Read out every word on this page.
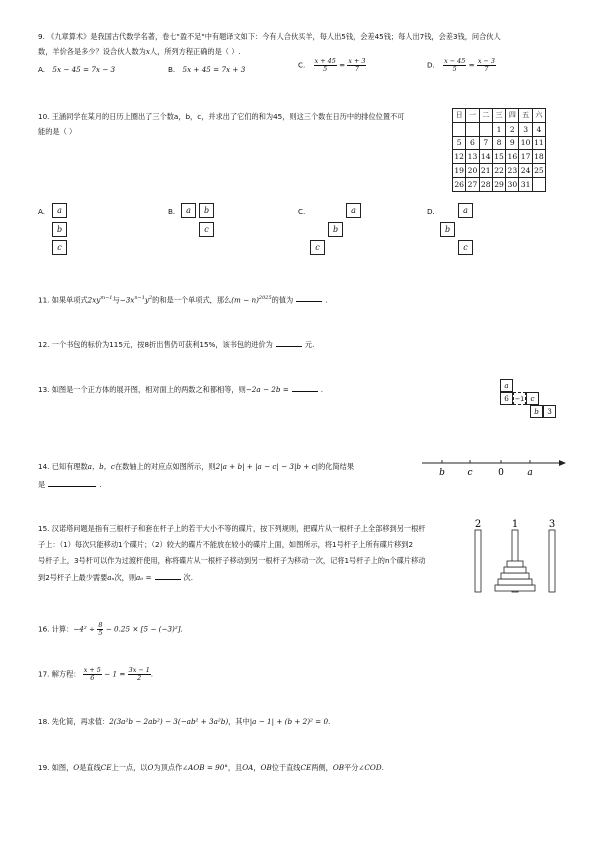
9. 《九章算术》是我国古代数学名著，卷七"盈不足"中有题译文如下：今有人合伙买羊，每人出5钱，会差45钱；每人出7钱，会差3钱，问合伙人
数，羊价各是多少？设合伙人数为x人，所列方程正确的是（ ）.
A. 5x − 45 = 7x − 3	B. 5x + 45 = 7x + 3	C. $\frac{x + 45}{5} = \frac{x + 3}{7}$	D. $\frac{x - 45}{5} = \frac{x - 3}{7}$
10. 王涵同学在某月的日历上圈出了三个数a，b，c，并求出了它们的和为45，则这三个数在日历中的排位位置不可
能的是（ ）
日	一	二	三	四	五	六
			1	2	3	4
5	6	7	8	9	10	11
12	13	14	15	16	17	18
19	20	21	22	23	24	25
26	27	28	29	30	31	
A.	a
b
c
B.	a	b
c
C.	a
b
c
D.	a
b
c
11. 如果单项式$2xy^{m-1}$与$-3x^{n-1}y^2$的和是一个单项式，那么$(m - n)^{2025}$的值为	.
12. 一个书包的标价为115元，按8折出售仍可获利15%，该书包的进价为	元.
13. 如图是一个正方体的展开图，相对面上的两数之和都相等，则−2a − 2b =	.	a
6 −1 c
b	3
14. 已知有理数a，b，c在数轴上的对应点如图所示，则2|a + b| + |a − c| − 3|b + c|的化简结果
是	.
b	c	0	a
15. 汉诺塔问题是指有三根杆子和套在杆子上的若干大小不等的碟片，按下列规则，把碟片从一根杆子上全部移到另一根杆
子上：（1）每次只能移动1个碟片；（2）较大的碟片不能放在较小的碟片上面，如图所示，将1号杆子上所有碟片移到2
号杆子上，3号杆可以作为过渡杆使用，称将碟片从一根杆子移动到另一根杆子为移动一次，记将1号杆子上的n个碟片移动
到2号杆子上最少需要aₙ次，则a₆ =	次.
2	1	3
16. 计算：$-4^2 \div \frac{8}{5} - 0.25 \times [5 - (-3)^2]$.
17. 解方程： $\frac{x + 5}{6} - 1 = \frac{3x - 1}{2}$ .
18. 先化简，再求值：2(3a²b − 2ab²) − 3(−ab² + 3a²b)，其中|a − 1| + (b + 2)² = 0.
19. 如图，O是直线CE上一点，以O为顶点作∠AOB = 90°，且OA，OB位于直线CE两侧，OB平分∠COD.
